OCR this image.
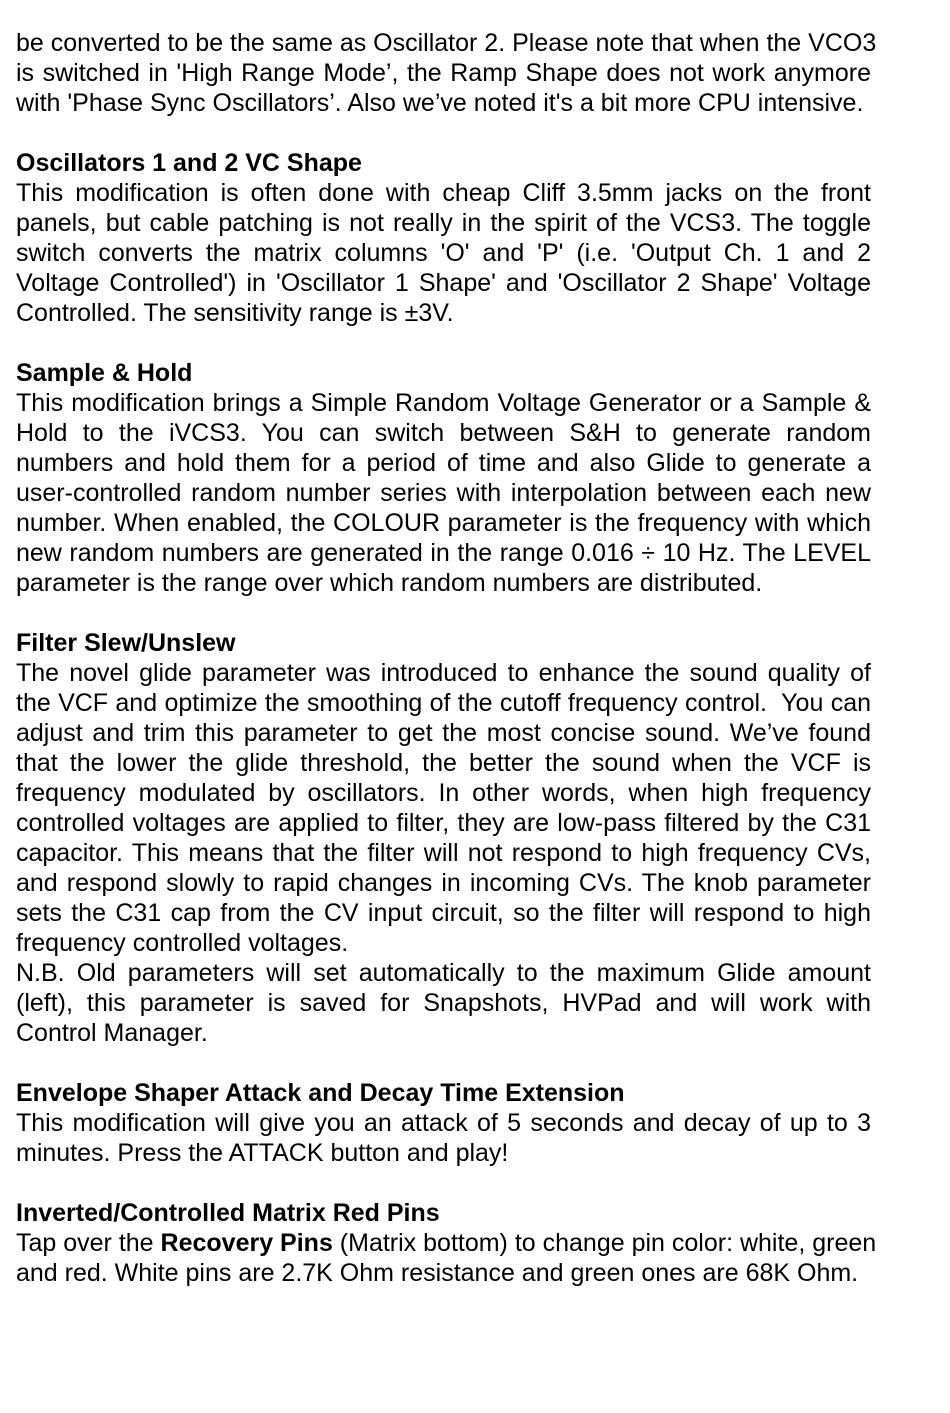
be converted to be the same as Oscillator 2. Please note that when the VCO3
is switched in 'High Range Mode’, the Ramp Shape does not work anymore
with 'Phase Sync Oscillators’. Also we’ve noted it's a bit more CPU intensive.
Oscillators 1 and 2 VC Shape
This modification is often done with cheap Cliff 3.5mm jacks on the front
panels, but cable patching is not really in the spirit of the VCS3. The toggle
switch converts the matrix columns 'O' and 'P' (i.e. 'Output Ch. 1 and 2
Voltage Controlled') in 'Oscillator 1 Shape' and 'Oscillator 2 Shape' Voltage
Controlled. The sensitivity range is ±3V.
Sample & Hold
This modification brings a Simple Random Voltage Generator or a Sample &
Hold to the iVCS3. You can switch between S&H to generate random
numbers and hold them for a period of time and also Glide to generate a
user-controlled random number series with interpolation between each new
number. When enabled, the COLOUR parameter is the frequency with which
new random numbers are generated in the range 0.016 ÷ 10 Hz. The LEVEL
parameter is the range over which random numbers are distributed.
Filter Slew/Unslew
The novel glide parameter was introduced to enhance the sound quality of
the VCF and optimize the smoothing of the cutoff frequency control.  You can
adjust and trim this parameter to get the most concise sound. We’ve found
that the lower the glide threshold, the better the sound when the VCF is
frequency modulated by oscillators. In other words, when high frequency
controlled voltages are applied to filter, they are low-pass filtered by the C31
capacitor. This means that the filter will not respond to high frequency CVs,
and respond slowly to rapid changes in incoming CVs. The knob parameter
sets the C31 cap from the CV input circuit, so the filter will respond to high
frequency controlled voltages.
N.B. Old parameters will set automatically to the maximum Glide amount
(left), this parameter is saved for Snapshots, HVPad and will work with
Control Manager.
Envelope Shaper Attack and Decay Time Extension
This modification will give you an attack of 5 seconds and decay of up to 3
minutes. Press the ATTACK button and play!
Inverted/Controlled Matrix Red Pins
Tap over the Recovery Pins (Matrix bottom) to change pin color: white, green
and red. White pins are 2.7K Ohm resistance and green ones are 68K Ohm.
